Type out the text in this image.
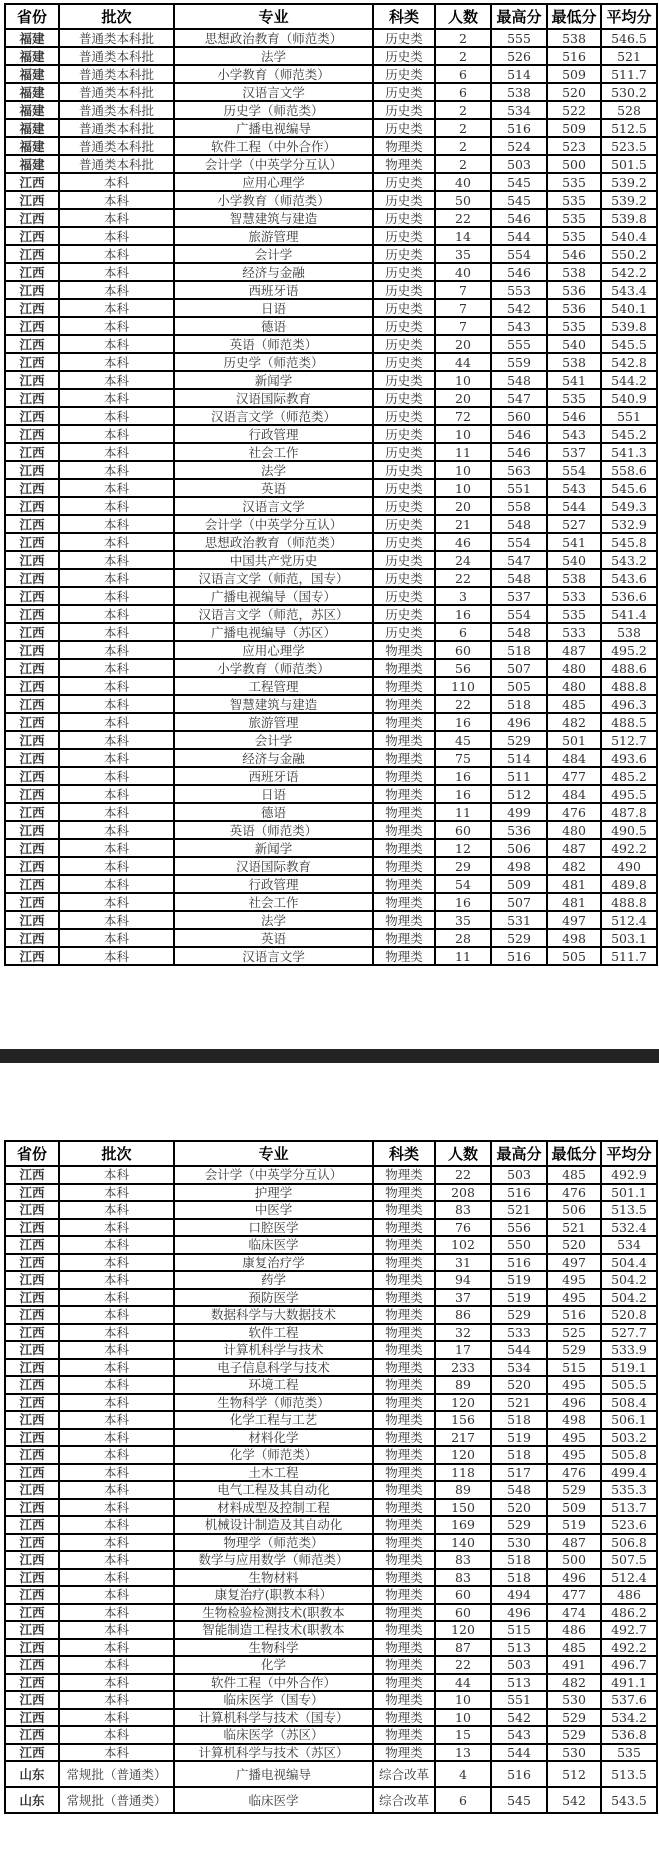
省份	批次	专业	科类	人数	最高分	最低分	平均分
福建	普通类本科批	思想政治教育（师范类）	历史类	2	555	538	546.5
福建	普通类本科批	法学	历史类	2	526	516	521
福建	普通类本科批	小学教育（师范类）	历史类	6	514	509	511.7
福建	普通类本科批	汉语言文学	历史类	6	538	520	530.2
福建	普通类本科批	历史学（师范类）	历史类	2	534	522	528
福建	普通类本科批	广播电视编导	历史类	2	516	509	512.5
福建	普通类本科批	软件工程（中外合作）	物理类	2	524	523	523.5
福建	普通类本科批	会计学（中英学分互认）	物理类	2	503	500	501.5
江西	本科	应用心理学	历史类	40	545	535	539.2
江西	本科	小学教育（师范类）	历史类	50	545	535	539.2
江西	本科	智慧建筑与建造	历史类	22	546	535	539.8
江西	本科	旅游管理	历史类	14	544	535	540.4
江西	本科	会计学	历史类	35	554	546	550.2
江西	本科	经济与金融	历史类	40	546	538	542.2
江西	本科	西班牙语	历史类	7	553	536	543.4
江西	本科	日语	历史类	7	542	536	540.1
江西	本科	德语	历史类	7	543	535	539.8
江西	本科	英语（师范类）	历史类	20	555	540	545.5
江西	本科	历史学（师范类）	历史类	44	559	538	542.8
江西	本科	新闻学	历史类	10	548	541	544.2
江西	本科	汉语国际教育	历史类	20	547	535	540.9
江西	本科	汉语言文学（师范类）	历史类	72	560	546	551
江西	本科	行政管理	历史类	10	546	543	545.2
江西	本科	社会工作	历史类	11	546	537	541.3
江西	本科	法学	历史类	10	563	554	558.6
江西	本科	英语	历史类	10	551	543	545.6
江西	本科	汉语言文学	历史类	20	558	544	549.3
江西	本科	会计学（中英学分互认）	历史类	21	548	527	532.9
江西	本科	思想政治教育（师范类）	历史类	46	554	541	545.8
江西	本科	中国共产党历史	历史类	24	547	540	543.2
江西	本科	汉语言文学（师范，国专）	历史类	22	548	538	543.6
江西	本科	广播电视编导（国专）	历史类	3	537	533	536.6
江西	本科	汉语言文学（师范，苏区）	历史类	16	554	535	541.4
江西	本科	广播电视编导（苏区）	历史类	6	548	533	538
江西	本科	应用心理学	物理类	60	518	487	495.2
江西	本科	小学教育（师范类）	物理类	56	507	480	488.6
江西	本科	工程管理	物理类	110	505	480	488.8
江西	本科	智慧建筑与建造	物理类	22	518	485	496.3
江西	本科	旅游管理	物理类	16	496	482	488.5
江西	本科	会计学	物理类	45	529	501	512.7
江西	本科	经济与金融	物理类	75	514	484	493.6
江西	本科	西班牙语	物理类	16	511	477	485.2
江西	本科	日语	物理类	16	512	484	495.5
江西	本科	德语	物理类	11	499	476	487.8
江西	本科	英语（师范类）	物理类	60	536	480	490.5
江西	本科	新闻学	物理类	12	506	487	492.2
江西	本科	汉语国际教育	物理类	29	498	482	490
江西	本科	行政管理	物理类	54	509	481	489.8
江西	本科	社会工作	物理类	16	507	481	488.8
江西	本科	法学	物理类	35	531	497	512.4
江西	本科	英语	物理类	28	529	498	503.1
江西	本科	汉语言文学	物理类	11	516	505	511.7
省份	批次	专业	科类	人数	最高分	最低分	平均分
江西	本科	会计学（中英学分互认）	物理类	22	503	485	492.9
江西	本科	护理学	物理类	208	516	476	501.1
江西	本科	中医学	物理类	83	521	506	513.5
江西	本科	口腔医学	物理类	76	556	521	532.4
江西	本科	临床医学	物理类	102	550	520	534
江西	本科	康复治疗学	物理类	31	516	497	504.4
江西	本科	药学	物理类	94	519	495	504.2
江西	本科	预防医学	物理类	37	519	495	504.2
江西	本科	数据科学与大数据技术	物理类	86	529	516	520.8
江西	本科	软件工程	物理类	32	533	525	527.7
江西	本科	计算机科学与技术	物理类	17	544	529	533.9
江西	本科	电子信息科学与技术	物理类	233	534	515	519.1
江西	本科	环境工程	物理类	89	520	495	505.5
江西	本科	生物科学（师范类）	物理类	120	521	496	508.4
江西	本科	化学工程与工艺	物理类	156	518	498	506.1
江西	本科	材料化学	物理类	217	519	495	503.2
江西	本科	化学（师范类）	物理类	120	518	495	505.8
江西	本科	土木工程	物理类	118	517	476	499.4
江西	本科	电气工程及其自动化	物理类	89	548	529	535.3
江西	本科	材料成型及控制工程	物理类	150	520	509	513.7
江西	本科	机械设计制造及其自动化	物理类	169	529	519	523.6
江西	本科	物理学（师范类）	物理类	140	530	487	506.8
江西	本科	数学与应用数学（师范类）	物理类	83	518	500	507.5
江西	本科	生物材料	物理类	83	518	496	512.4
江西	本科	康复治疗(职教本科）	物理类	60	494	477	486
江西	本科	生物检验检测技术(职教本	物理类	60	496	474	486.2
江西	本科	智能制造工程技术(职教本	物理类	120	515	486	492.7
江西	本科	生物科学	物理类	87	513	485	492.2
江西	本科	化学	物理类	22	503	491	496.7
江西	本科	软件工程（中外合作）	物理类	44	513	482	491.1
江西	本科	临床医学（国专）	物理类	10	551	530	537.6
江西	本科	计算机科学与技术（国专）	物理类	10	542	529	534.2
江西	本科	临床医学（苏区）	物理类	15	543	529	536.8
江西	本科	计算机科学与技术（苏区）	物理类	13	544	530	535
山东	常规批（普通类）	广播电视编导	综合改革	4	516	512	513.5
山东	常规批（普通类）	临床医学	综合改革	6	545	542	543.5
